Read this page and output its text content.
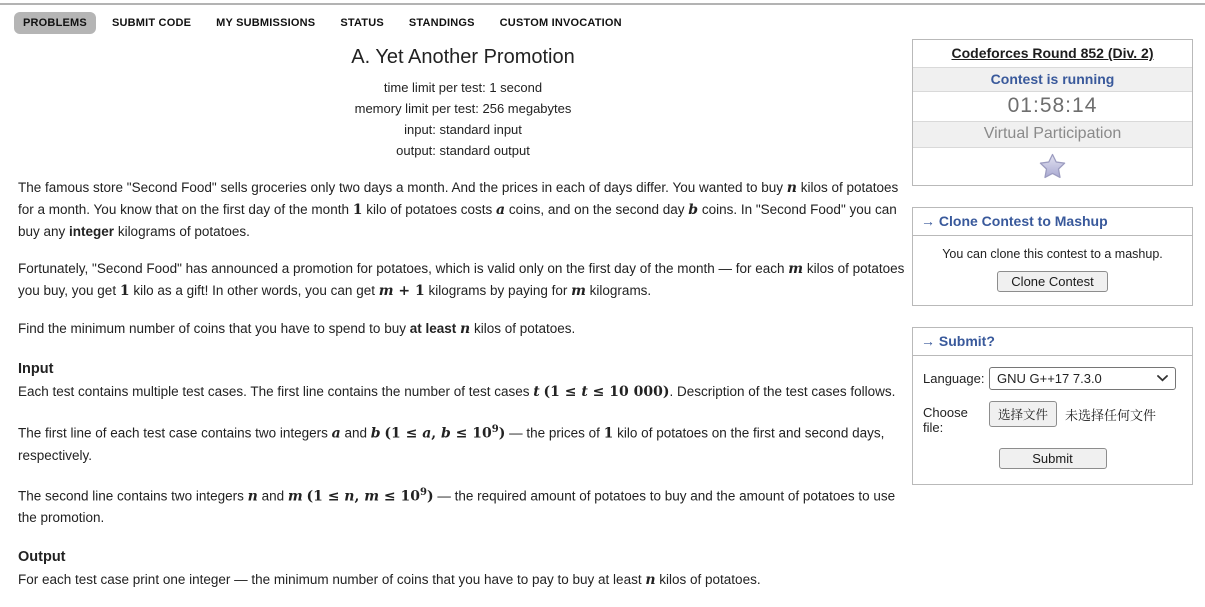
PROBLEMS	SUBMIT CODE	MY SUBMISSIONS	STATUS	STANDINGS	CUSTOM INVOCATION
A. Yet Another Promotion
time limit per test: 1 second
memory limit per test: 256 megabytes
input: standard input
output: standard output

The famous store "Second Food" sells groceries only two days a month. And the prices in each of days differ. You wanted to buy n kilos of potatoes for a month. You know that on the first day of the month 1 kilo of potatoes costs a coins, and on the second day b coins. In "Second Food" you can buy any integer kilograms of potatoes.

Fortunately, "Second Food" has announced a promotion for potatoes, which is valid only on the first day of the month — for each m kilos of potatoes you buy, you get 1 kilo as a gift! In other words, you can get m + 1 kilograms by paying for m kilograms.

Find the minimum number of coins that you have to spend to buy at least n kilos of potatoes.

Input

Each test contains multiple test cases. The first line contains the number of test cases t (1 ≤ t ≤ 10 000). Description of the test cases follows.

The first line of each test case contains two integers a and b (1 ≤ a, $b \le 10^9$) — the prices of 1 kilo of potatoes on the first and second days, respectively.

The second line contains two integers n and m (1 ≤ n, $m \le 10^9$) — the required amount of potatoes to buy and the amount of potatoes to use the promotion.

Output

For each test case print one integer — the minimum number of coins that you have to pay to buy at least n kilos of potatoes.

Codeforces Round 852 (Div. 2)
Contest is running
01:58:14
Virtual Participation
→ Clone Contest to Mashup
You can clone this contest to a mashup.
Clone Contest
→ Submit?
Language: GNU G++17 7.3.0
Choose file:
选择文件	未选择任何文件
Submit
